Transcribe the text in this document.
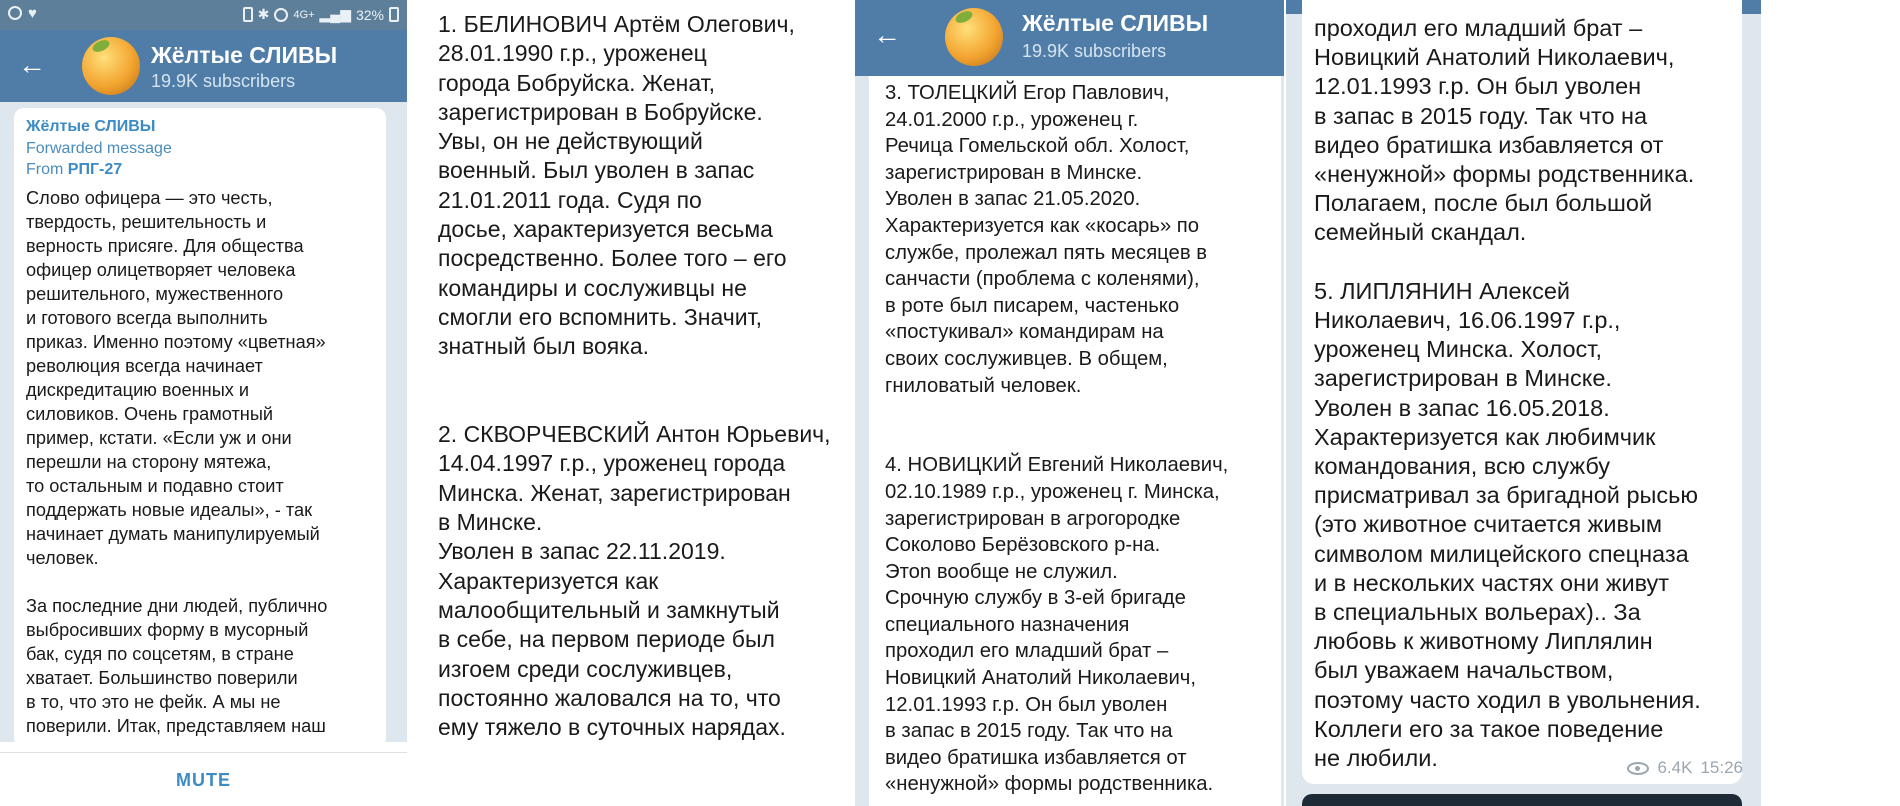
♥	✱ 4G+ ▂▄▆ 32%
←	Жёлтые СЛИВЫ
19.9K subscribers
Жёлтые СЛИВЫ
Forwarded message
From РПГ-27
Слово офицера — это честь,
твердость, решительность и
верность присяге. Для общества
офицер олицетворяет человека
решительного, мужественного
и готового всегда выполнить
приказ. Именно поэтому «цветная»
революция всегда начинает
дискредитацию военных и
силовиков. Очень грамотный
пример, кстати. «Если уж и они
перешли на сторону мятежа,
то остальным и подавно стоит
поддержать новые идеалы», - так
начинает думать манипулируемый
человек.

За последние дни людей, публично
выбросивших форму в мусорный
бак, судя по соцсетям, в стране
хватает. Большинство поверили
в то, что это не фейк. А мы не
поверили. Итак, представляем наш
MUTE
1. БЕЛИНОВИЧ Артём Олегович,
28.01.1990 г.р., уроженец
города Бобруйска. Женат,
зарегистрирован в Бобруйске.
Увы, он не действующий
военный. Был уволен в запас
21.01.2011 года. Судя по
досье, характеризуется весьма
посредственно. Более того – его
командиры и сослуживцы не
смогли его вспомнить. Значит,
знатный был вояка.

2. СКВОРЧЕВСКИЙ Антон Юрьевич,
14.04.1997 г.р., уроженец города
Минска. Женат, зарегистрирован
в Минске.
Уволен в запас 22.11.2019.
Характеризуется как
малообщительный и замкнутый
в себе, на первом периоде был
изгоем среди сослуживцев,
постоянно жаловался на то, что
ему тяжело в суточных нарядах.
←	Жёлтые СЛИВЫ
19.9K subscribers
3. ТОЛЕЦКИЙ Егор Павлович,
24.01.2000 г.р., уроженец г.
Речица Гомельской обл. Холост,
зарегистрирован в Минске.
Уволен в запас 21.05.2020.
Характеризуется как «косарь» по
службе, пролежал пять месяцев в
санчасти (проблема с коленями),
в роте был писарем, частенько
«постукивал» командирам на
своих сослуживцев. В общем,
гниловатый человек.

4. НОВИЦКИЙ Евгений Николаевич,
02.10.1989 г.р., уроженец г. Минска,
зарегистрирован в агрогородке
Соколово Берёзовского р-на.
Этоn вообще не служил.
Срочную службу в 3-ей бригаде
специального назначения
проходил его младший брат –
Новицкий Анатолий Николаевич,
12.01.1993 г.р. Он был уволен
в запас в 2015 году. Так что на
видео братишка избавляется от
«ненужной» формы родственника.
проходил его младший брат –
Новицкий Анатолий Николаевич,
12.01.1993 г.р. Он был уволен
в запас в 2015 году. Так что на
видео братишка избавляется от
«ненужной» формы родственника.
Полагаем, после был большой
семейный скандал.

5. ЛИПЛЯНИН Алексей
Николаевич, 16.06.1997 г.р.,
уроженец Минска. Холост,
зарегистрирован в Минске.
Уволен в запас 16.05.2018.
Характеризуется как любимчик
командования, всю службу
присматривал за бригадной рысью
(это животное считается живым
символом милицейского спецназа
и в нескольких частях они живут
в специальных вольерах).. За
любовь к животному Липлялин
был уважаем начальством,
поэтому часто ходил в увольнения.
Коллеги его за такое поведение
не любили.	6.4K 15:26
